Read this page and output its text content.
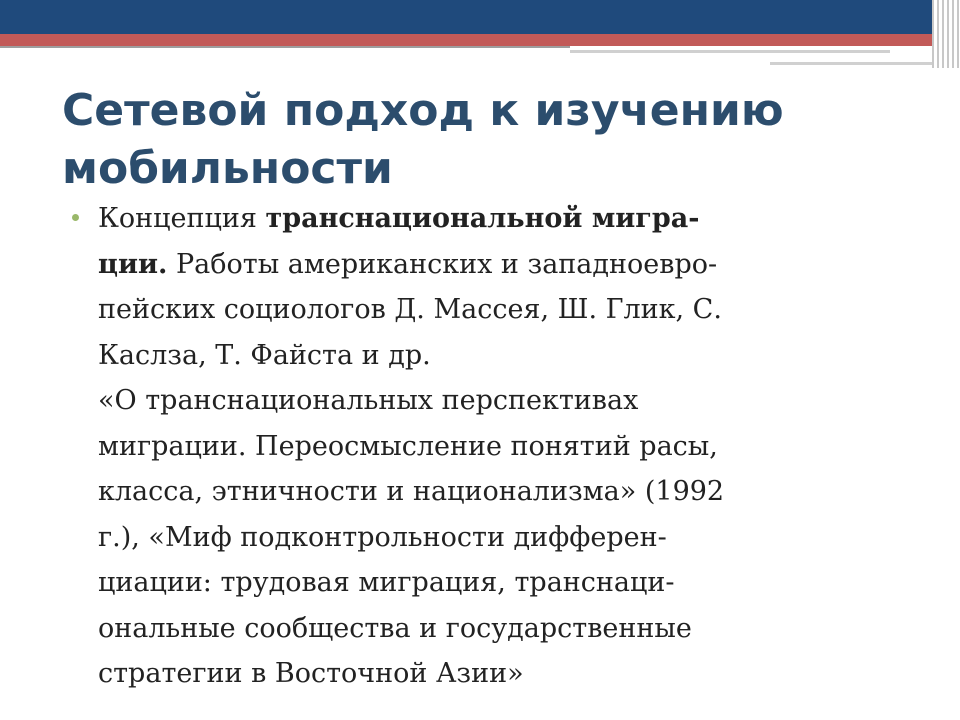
Сетевой подход к изучению
мобильности
Концепция транснациональной мигра-
ции. Работы американских и западноевро-
пейских социологов Д. Массея, Ш. Глик, С.
Каслза, Т. Файста и др.
«О транснациональных перспективах
миграции. Переосмысление понятий расы,
класса, этничности и национализма» (1992
г.), «Миф подконтрольности дифферен-
циации: трудовая миграция, транснаци-
ональные сообщества и государственные
стратегии в Восточной Азии»
